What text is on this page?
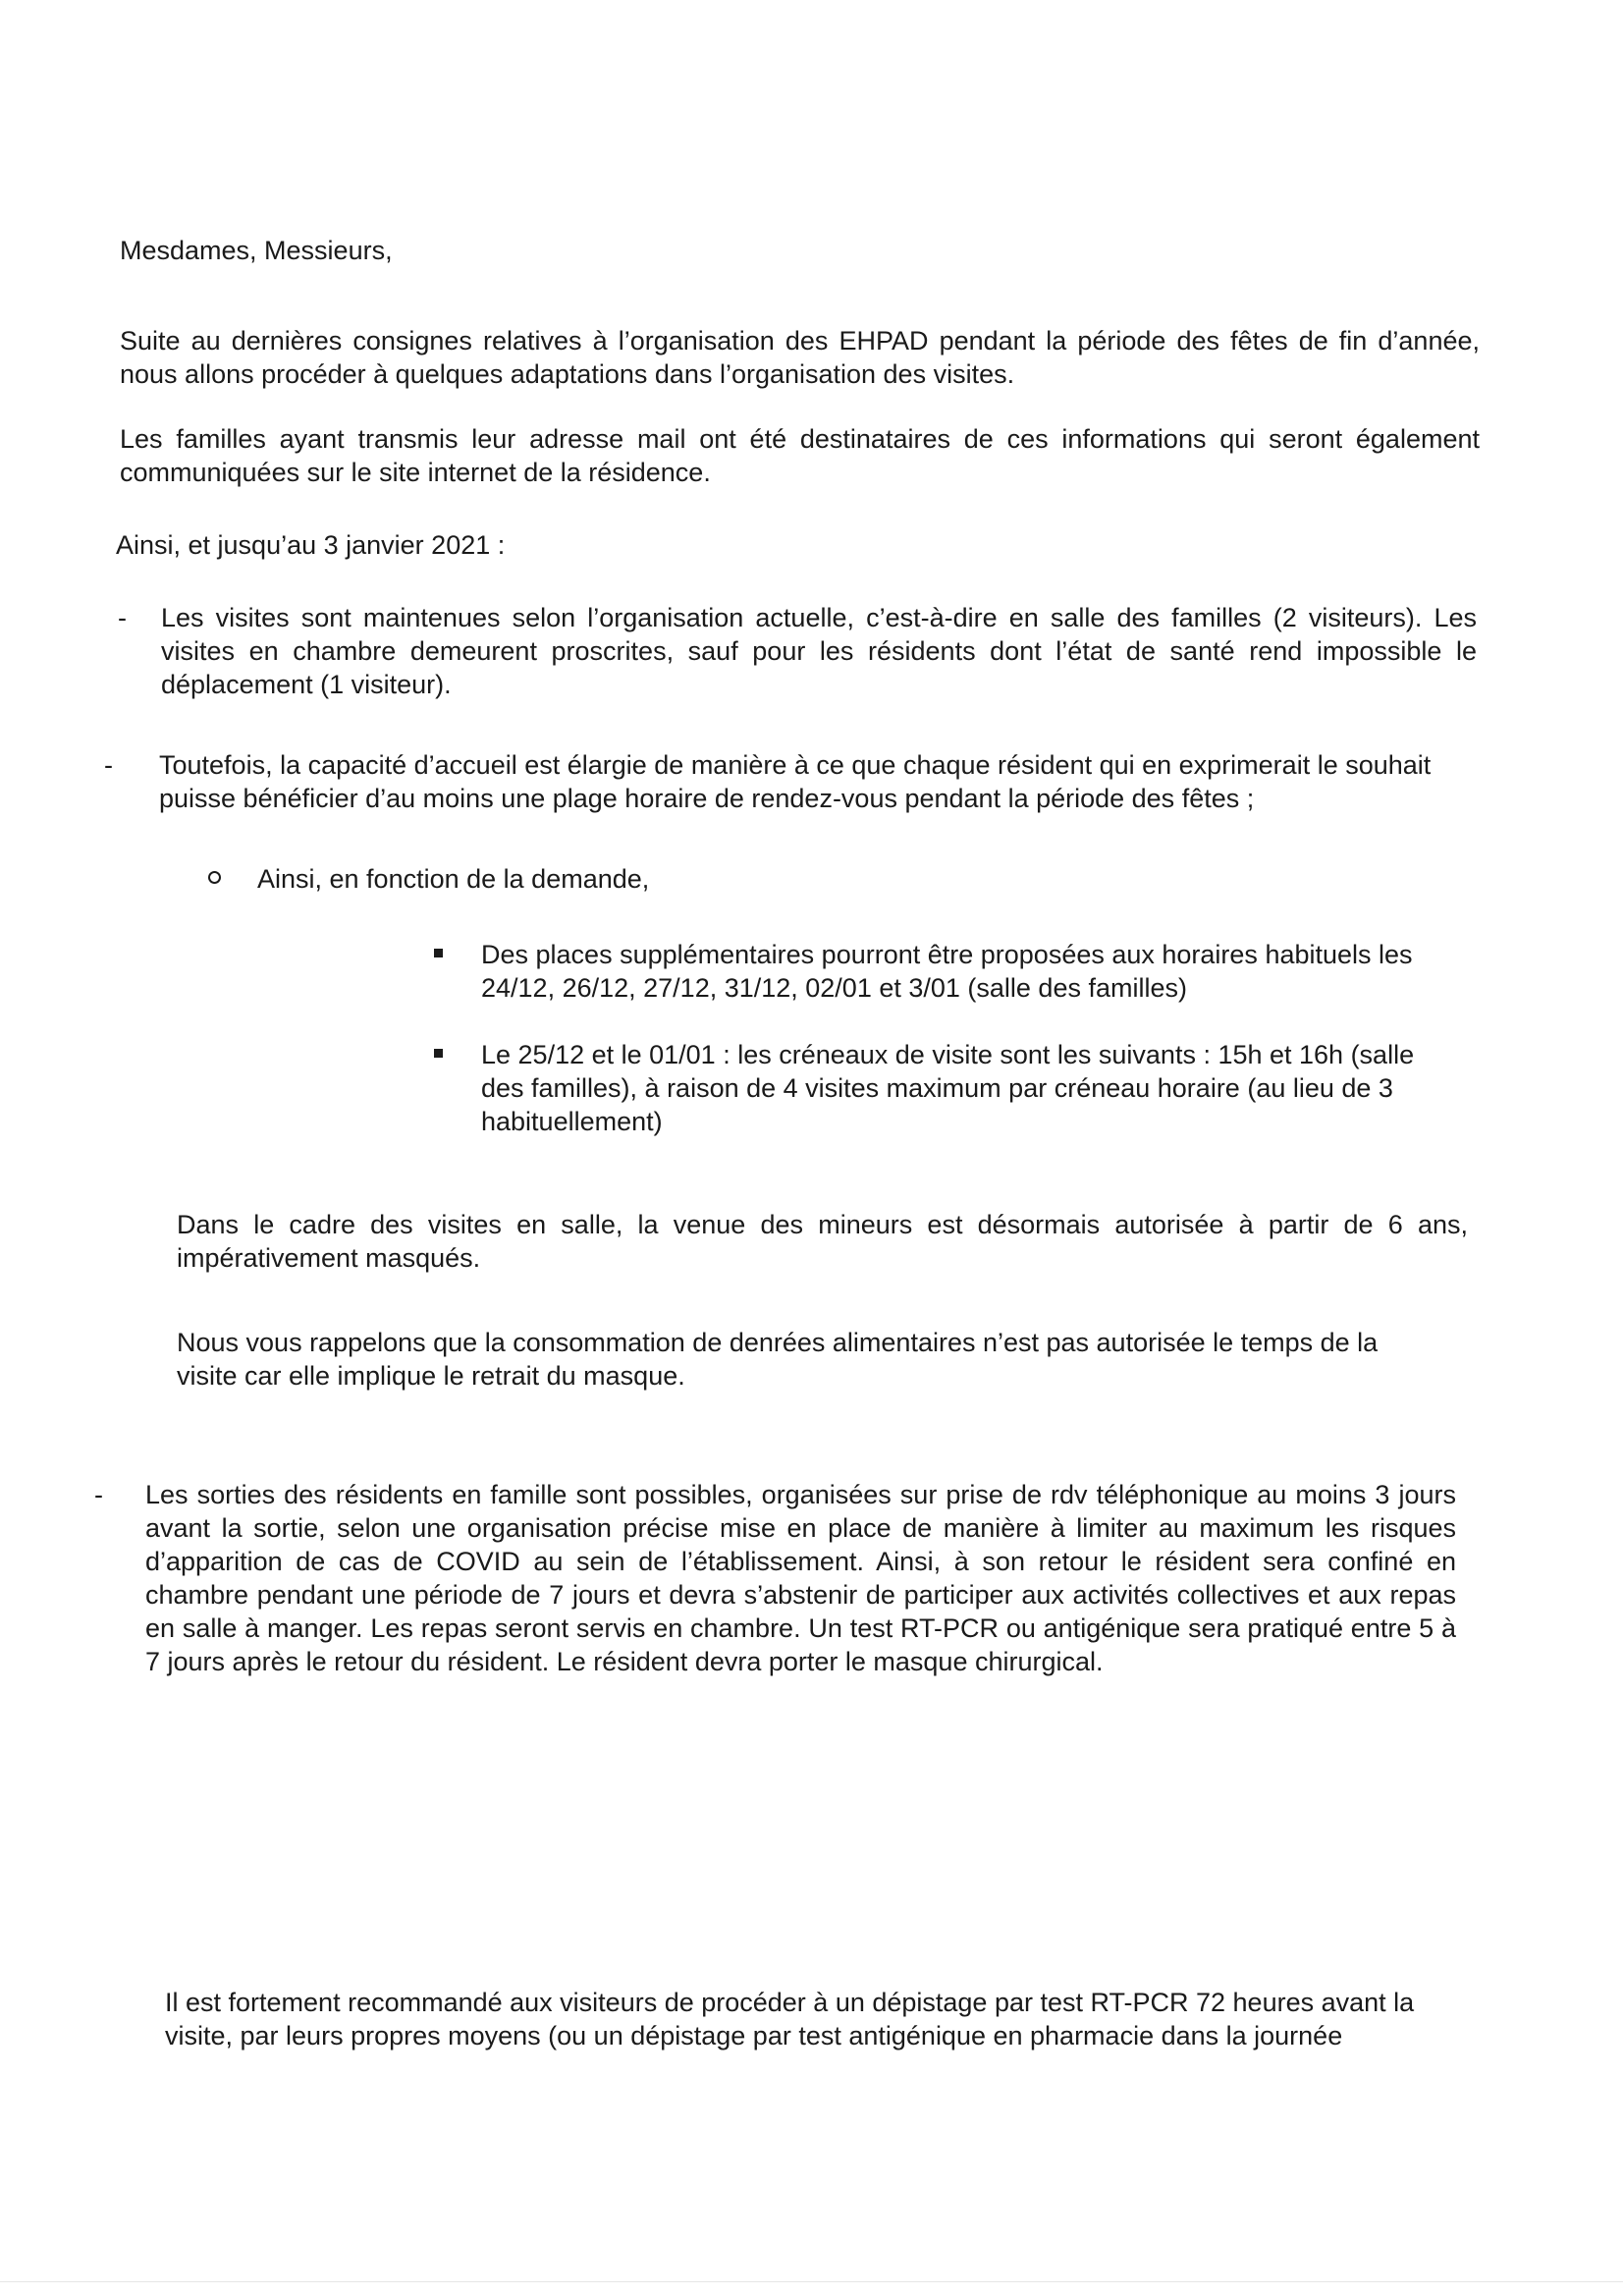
Mesdames, Messieurs,

Suite au dernières consignes relatives à l’organisation des EHPAD pendant la période des fêtes de fin d’année, nous allons procéder à quelques adaptations dans l’organisation des visites.

Les familles ayant transmis leur adresse mail ont été destinataires de ces informations qui seront également communiquées sur le site internet de la résidence.

Ainsi, et jusqu’au 3 janvier 2021 :

- Les visites sont maintenues selon l’organisation actuelle, c’est-à-dire en salle des familles (2 visiteurs). Les visites en chambre demeurent proscrites, sauf pour les résidents dont l’état de santé rend impossible le déplacement (1 visiteur).

- Toutefois, la capacité d’accueil est élargie de manière à ce que chaque résident qui en exprimerait le souhait puisse bénéficier d’au moins une plage horaire de rendez-vous pendant la période des fêtes ;

Ainsi, en fonction de la demande,

Des places supplémentaires pourront être proposées aux horaires habituels les 24/12, 26/12, 27/12, 31/12, 02/01 et 3/01 (salle des familles)

Le 25/12 et le 01/01 : les créneaux de visite sont les suivants : 15h et 16h (salle des familles), à raison de 4 visites maximum par créneau horaire (au lieu de 3 habituellement)

Dans le cadre des visites en salle, la venue des mineurs est désormais autorisée à partir de 6 ans, impérativement masqués.

Nous vous rappelons que la consommation de denrées alimentaires n’est pas autorisée le temps de la visite car elle implique le retrait du masque.

- Les sorties des résidents en famille sont possibles, organisées sur prise de rdv téléphonique au moins 3 jours avant la sortie, selon une organisation précise mise en place de manière à limiter au maximum les risques d’apparition de cas de COVID au sein de l’établissement. Ainsi, à son retour le résident sera confiné en chambre pendant une période de 7 jours et devra s’abstenir de participer aux activités collectives et aux repas en salle à manger. Les repas seront servis en chambre. Un test RT-PCR ou antigénique sera pratiqué entre 5 à 7 jours après le retour du résident. Le résident devra porter le masque chirurgical.

Il est fortement recommandé aux visiteurs de procéder à un dépistage par test RT-PCR 72 heures avant la visite, par leurs propres moyens (ou un dépistage par test antigénique en pharmacie dans la journée
